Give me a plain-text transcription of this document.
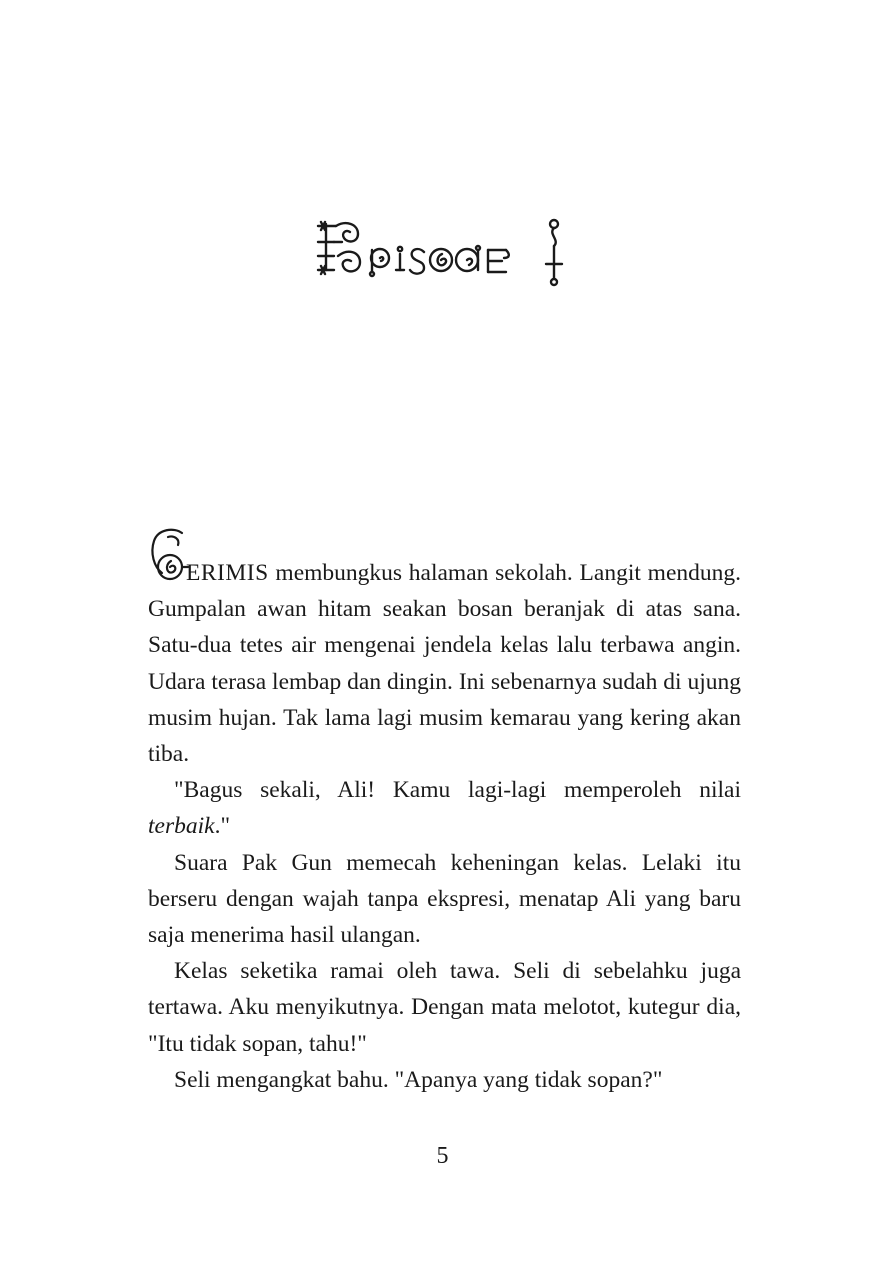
ERIMIS membungkus halaman sekolah. Langit mendung. Gumpalan awan hitam seakan bosan beranjak di atas sana. Satu-dua tetes air mengenai jendela kelas lalu terbawa angin. Udara terasa lembap dan dingin. Ini sebenarnya sudah di ujung musim hujan. Tak lama lagi musim kemarau yang kering akan tiba.

"Bagus sekali, Ali! Kamu lagi-lagi memperoleh nilai terbaik."

Suara Pak Gun memecah keheningan kelas. Lelaki itu berseru dengan wajah tanpa ekspresi, menatap Ali yang baru saja menerima hasil ulangan.

Kelas seketika ramai oleh tawa. Seli di sebelahku juga tertawa. Aku menyikutnya. Dengan mata melotot, kutegur dia, "Itu tidak sopan, tahu!"

Seli mengangkat bahu. "Apanya yang tidak sopan?"

5
